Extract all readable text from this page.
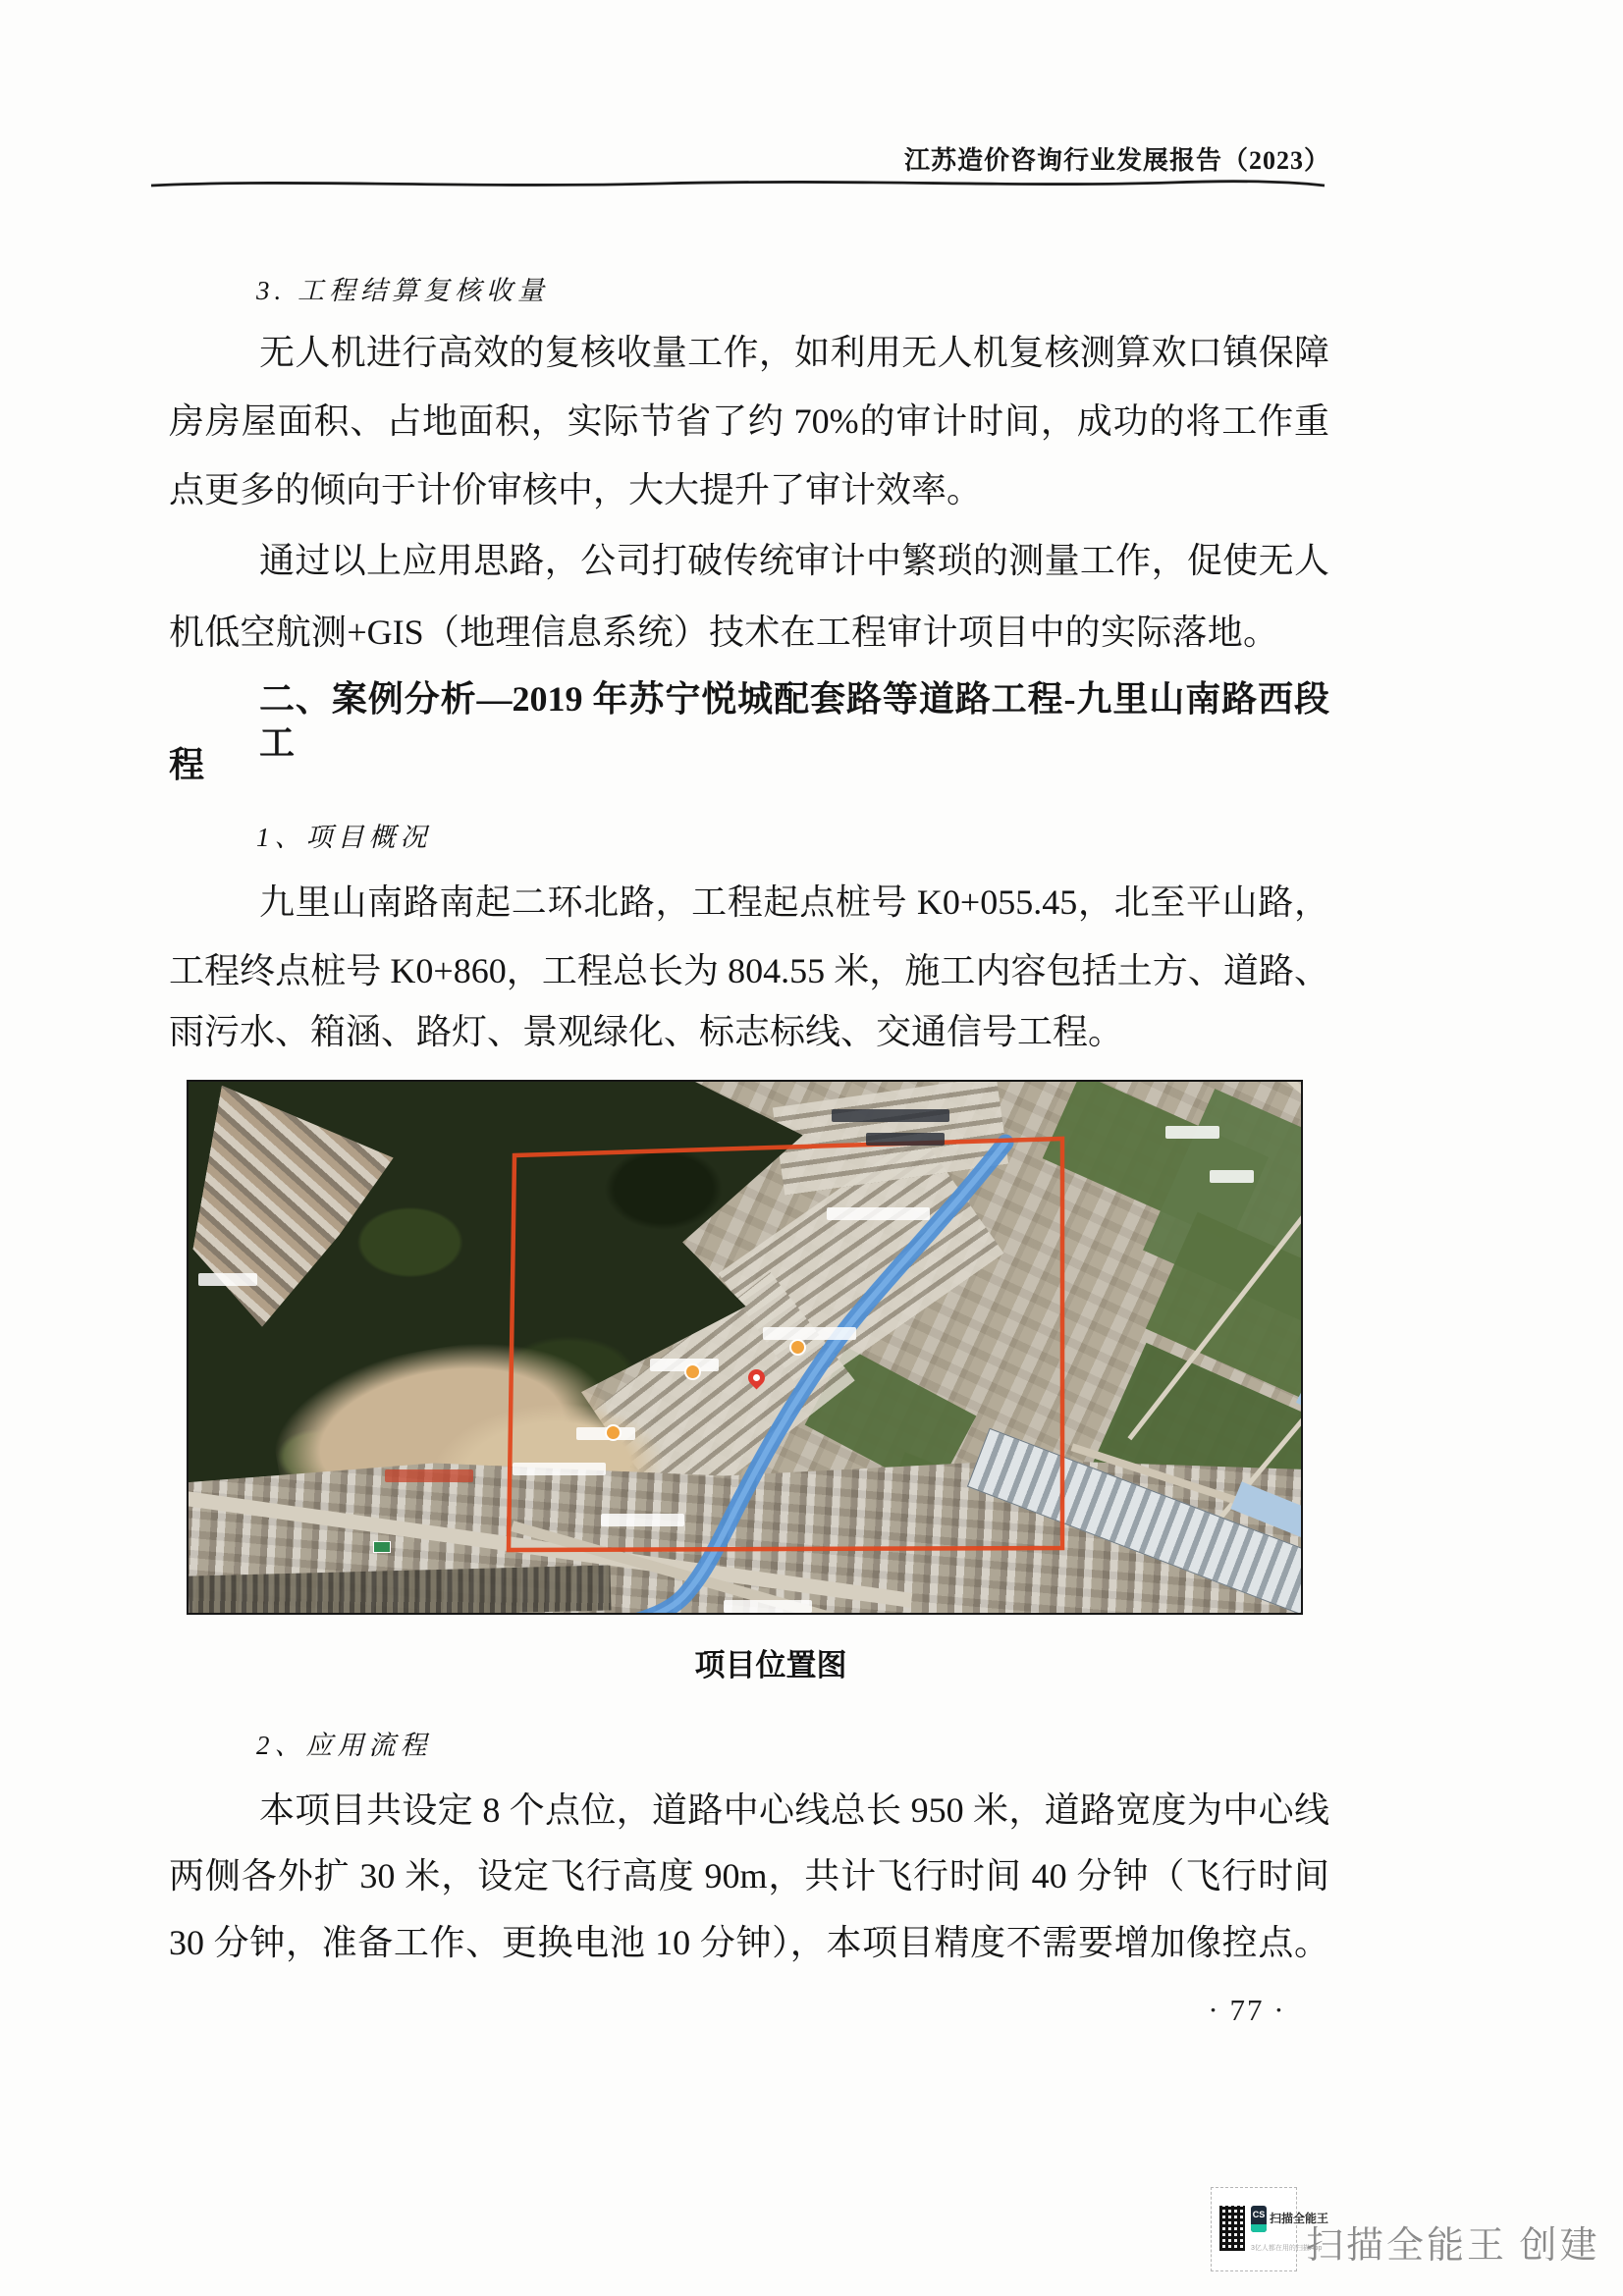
江苏造价咨询行业发展报告（2023）
3. 工程结算复核收量
无人机进行高效的复核收量工作，如利用无人机复核测算欢口镇保障
房房屋面积、占地面积，实际节省了约 70%的审计时间，成功的将工作重
点更多的倾向于计价审核中，大大提升了审计效率。
通过以上应用思路，公司打破传统审计中繁琐的测量工作，促使无人
机低空航测+GIS（地理信息系统）技术在工程审计项目中的实际落地。
二、案例分析—2019 年苏宁悦城配套路等道路工程-九里山南路西段工
程
1、项目概况
九里山南路南起二环北路，工程起点桩号 K0+055.45，北至平山路，
工程终点桩号 K0+860，工程总长为 804.55 米，施工内容包括土方、道路、
雨污水、箱涵、路灯、景观绿化、标志标线、交通信号工程。
项目位置图
2、应用流程
本项目共设定 8 个点位，道路中心线总长 950 米，道路宽度为中心线
两侧各外扩 30 米，设定飞行高度 90m，共计飞行时间 40 分钟（飞行时间
30 分钟，准备工作、更换电池 10 分钟），本项目精度不需要增加像控点。
· 77 ·
CS 扫描全能王
3亿人都在用的扫描App
扫描全能王 创建
